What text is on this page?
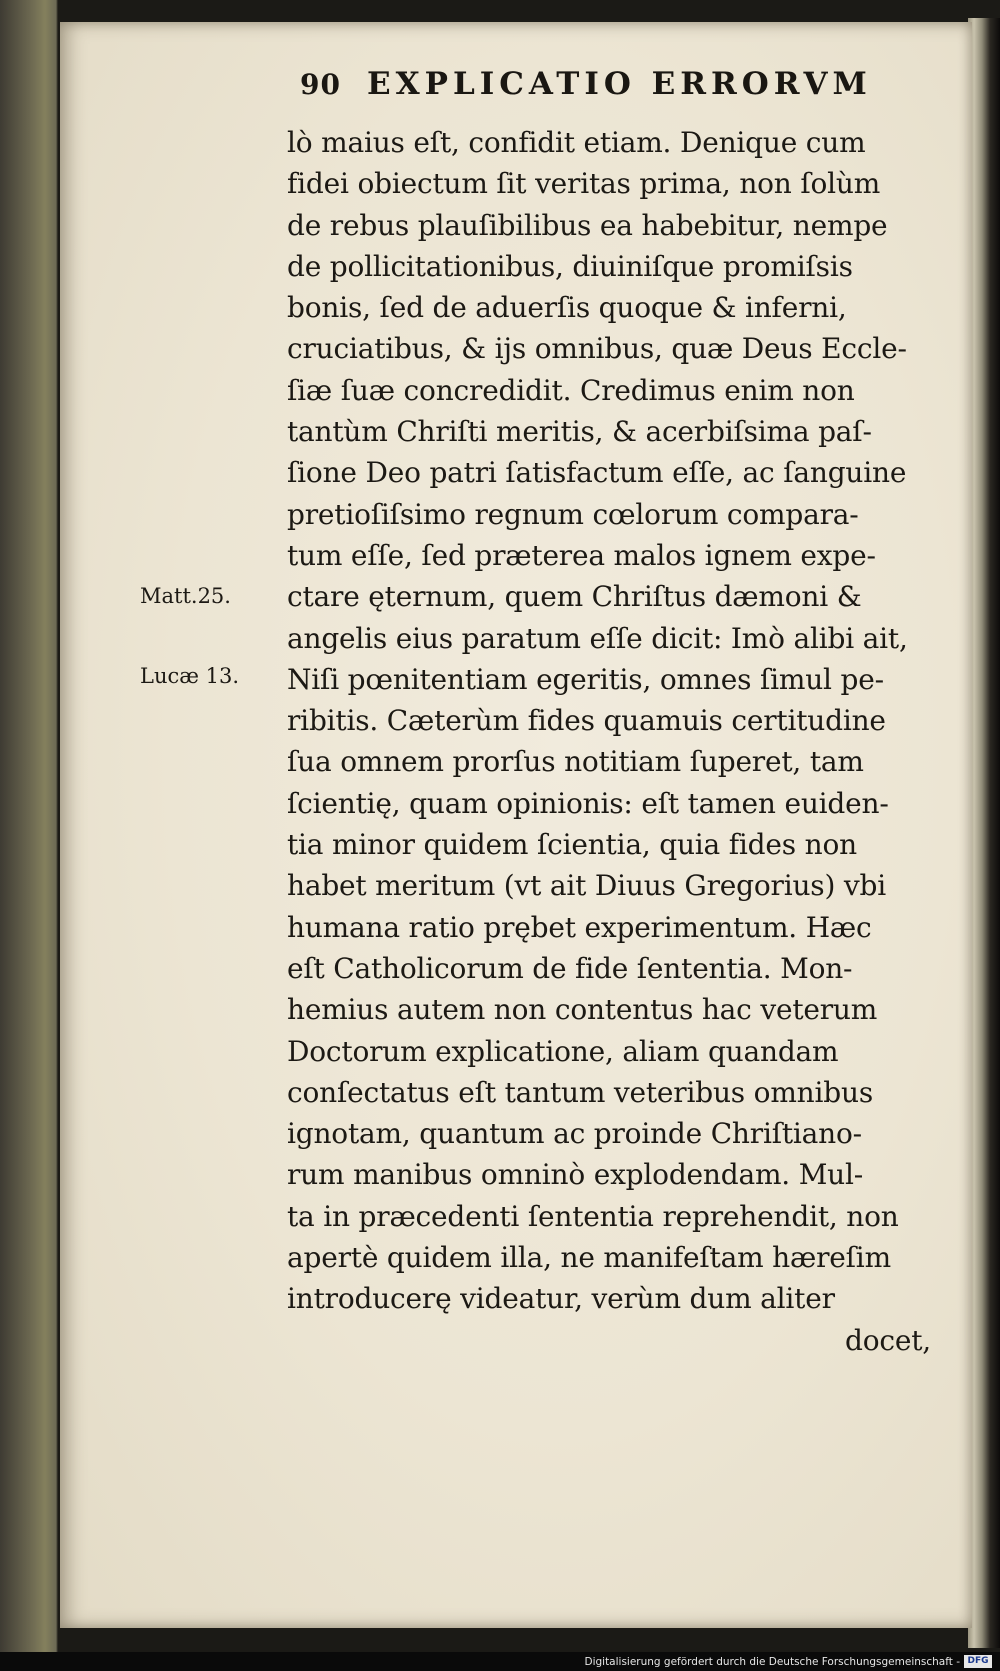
90 EXPLICATIO ERRORVM
Matt.25.
Lucæ 13.
lò maius eſt, confidit etiam. Denique cum
fidei obiectum ſit veritas prima, non ſolùm
de rebus plauſibilibus ea habebitur, nempe
de pollicitationibus, diuiniſque promiſsis
bonis, ſed de aduerſis quoque & inferni,
cruciatibus, & ijs omnibus, quæ Deus Eccle-
ſiæ ſuæ concredidit. Credimus enim non
tantùm Chriſti meritis, & acerbiſsima paſ-
ſione Deo patri ſatisfactum eſſe, ac ſanguine
pretioſiſsimo regnum cœlorum compara-
tum eſſe, ſed præterea malos ignem expe-
ctare ęternum, quem Chriſtus dæmoni &
angelis eius paratum eſſe dicit: Imò alibi ait,
Niſi pœnitentiam egeritis, omnes ſimul pe-
ribitis. Cæterùm fides quamuis certitudine
ſua omnem prorſus notitiam ſuperet, tam
ſcientię, quam opinionis: eſt tamen euiden-
tia minor quidem ſcientia, quia fides non
habet meritum (vt ait Diuus Gregorius) vbi
humana ratio prębet experimentum. Hæc
eſt Catholicorum de fide ſententia. Mon-
hemius autem non contentus hac veterum
Doctorum explicatione, aliam quandam
conſectatus eſt tantum veteribus omnibus
ignotam, quantum ac proinde Chriſtiano-
rum manibus omninò explodendam. Mul-
ta in præcedenti ſententia reprehendit, non
apertè quidem illa, ne manifeſtam hæreſim
introducerę videatur, verùm dum aliter
docet,
Digitalisierung gefördert durch die Deutsche Forschungsgemeinschaft - DFG
